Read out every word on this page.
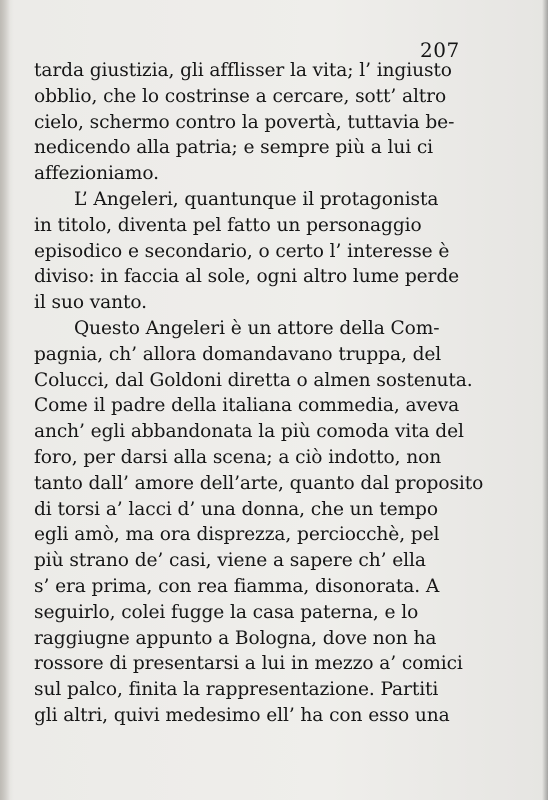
207
tarda giustizia, gli afflisser la vita; l’ ingiusto
obblio, che lo costrinse a cercare, sott’ altro
cielo, schermo contro la povertà, tuttavia be-
nedicendo alla patria; e sempre più a lui ci
affezioniamo.
L’ Angeleri, quantunque il protagonista
in titolo, diventa pel fatto un personaggio
episodico e secondario, o certo l’ interesse è
diviso: in faccia al sole, ogni altro lume perde
il suo vanto.
Questo Angeleri è un attore della Com-
pagnia, ch’ allora domandavano truppa, del
Colucci, dal Goldoni diretta o almen sostenuta.
Come il padre della italiana commedia, aveva
anch’ egli abbandonata la più comoda vita del
foro, per darsi alla scena; a ciò indotto, non
tanto dall’ amore dell’arte, quanto dal proposito
di torsi a’ lacci d’ una donna, che un tempo
egli amò, ma ora disprezza, perciocchè, pel
più strano de’ casi, viene a sapere ch’ ella
s’ era prima, con rea fiamma, disonorata. A
seguirlo, colei fugge la casa paterna, e lo
raggiugne appunto a Bologna, dove non ha
rossore di presentarsi a lui in mezzo a’ comici
sul palco, finita la rappresentazione. Partiti
gli altri, quivi medesimo ell’ ha con esso una
